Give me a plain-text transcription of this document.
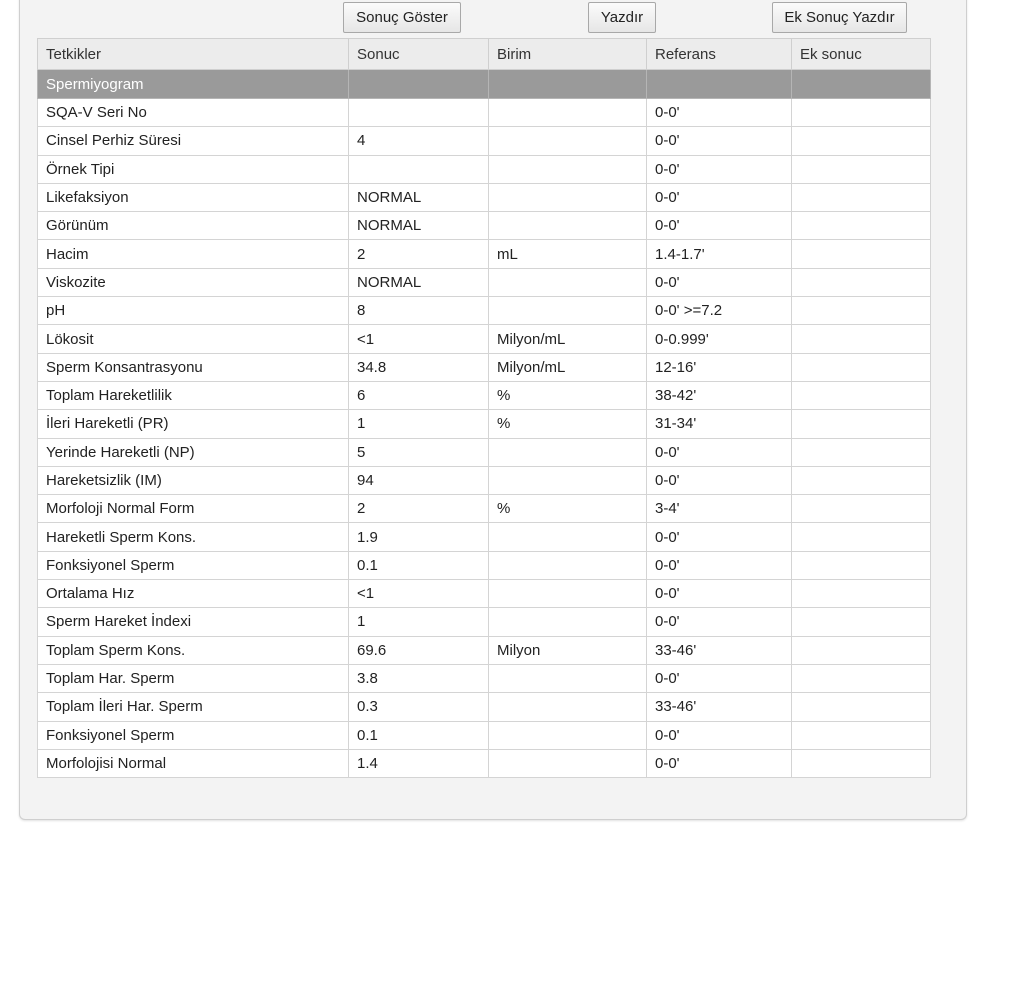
Sonuç Göster	Yazdır	Ek Sonuç Yazdır
Tetkikler	Sonuc	Birim	Referans	Ek sonuc
Spermiyogram				
SQA-V Seri No			0-0'	
Cinsel Perhiz Süresi	4		0-0'	
Örnek Tipi			0-0'	
Likefaksiyon	NORMAL		0-0'	
Görünüm	NORMAL		0-0'	
Hacim	2	mL	1.4-1.7'	
Viskozite	NORMAL		0-0'	
pH	8		0-0' >=7.2	
Lökosit	<1	Milyon/mL	0-0.999'	
Sperm Konsantrasyonu	34.8	Milyon/mL	12-16'	
Toplam Hareketlilik	6	%	38-42'	
İleri Hareketli (PR)	1	%	31-34'	
Yerinde Hareketli (NP)	5		0-0'	
Hareketsizlik (IM)	94		0-0'	
Morfoloji Normal Form	2	%	3-4'	
Hareketli Sperm Kons.	1.9		0-0'	
Fonksiyonel Sperm	0.1		0-0'	
Ortalama Hız	<1		0-0'	
Sperm Hareket İndexi	1		0-0'	
Toplam Sperm Kons.	69.6	Milyon	33-46'	
Toplam Har. Sperm	3.8		0-0'	
Toplam İleri Har. Sperm	0.3		33-46'	
Fonksiyonel Sperm	0.1		0-0'	
Morfolojisi Normal	1.4		0-0'	
